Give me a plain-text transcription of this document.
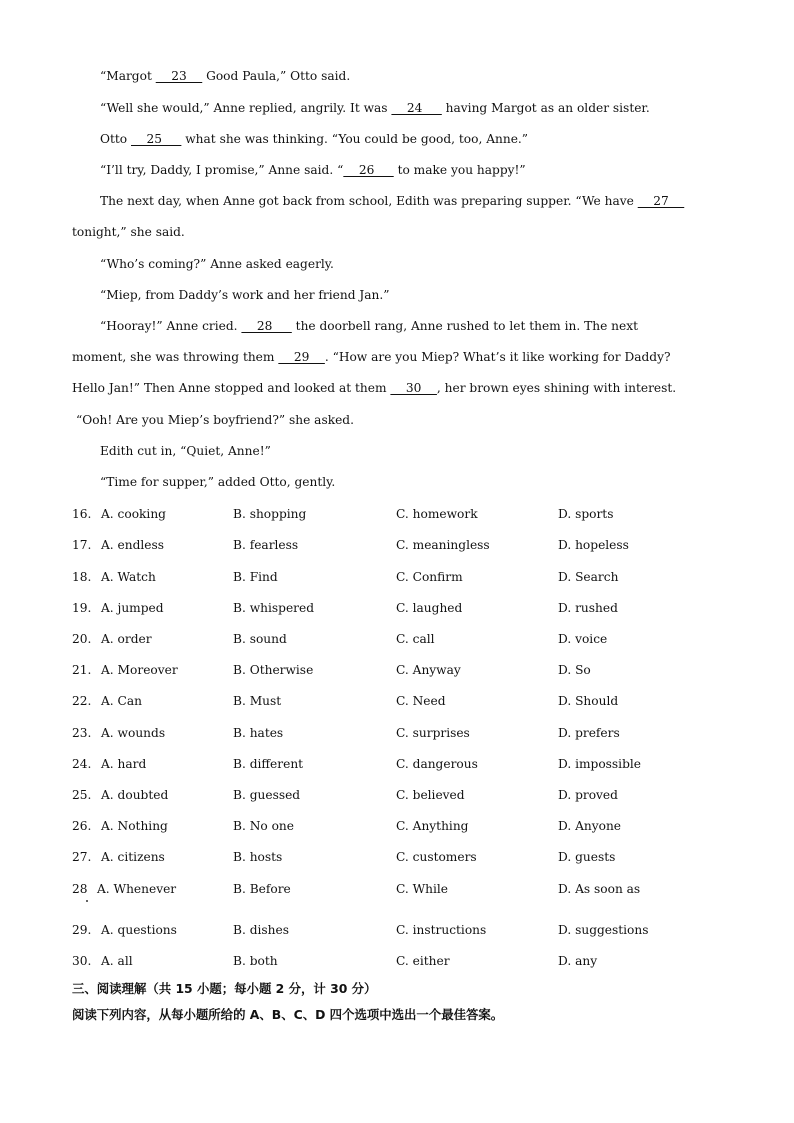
“Margot     23     Good Paula,” Otto said.
“Well she would,” Anne replied, angrily. It was     24      having Margot as an older sister.
Otto     25      what she was thinking. “You could be good, too, Anne.”
“I’ll try, Daddy, I promise,” Anne said. “    26      to make you happy!”
The next day, when Anne got back from school, Edith was preparing supper. “We have     27
tonight,” she said.
“Who’s coming?” Anne asked eagerly.
“Miep, from Daddy’s work and her friend Jan.”
“Hooray!” Anne cried.     28      the doorbell rang, Anne rushed to let them in. The next
moment, she was throwing them     29    . “How are you Miep? What’s it like working for Daddy?
Hello Jan!” Then Anne stopped and looked at them     30    , her brown eyes shining with interest.
“Ooh! Are you Miep’s boyfriend?” she asked.
Edith cut in, “Quiet, Anne!”
“Time for supper,” added Otto, gently.
16. A. cooking	B. shopping	C. homework	D. sports
17. A. endless	B. fearless	C. meaningless	D. hopeless
18. A. Watch	B. Find	C. Confirm	D. Search
19. A. jumped	B. whispered	C. laughed	D. rushed
20. A. order	B. sound	C. call	D. voice
21. A. Moreover	B. Otherwise	C. Anyway	D. So
22. A. Can	B. Must	C. Need	D. Should
23. A. wounds	B. hates	C. surprises	D. prefers
24. A. hard	B. different	C. dangerous	D. impossible
25. A. doubted	B. guessed	C. believed	D. proved
26. A. Nothing	B. No one	C. Anything	D. Anyone
27. A. citizens	B. hosts	C. customers	D. guests
28 A. Whenever	B. Before	C. While	D. As soon as
29. A. questions	B. dishes	C. instructions	D. suggestions
30. A. all	B. both	C. either	D. any
三、阅读理解（共 15 小题；每小题 2 分，计 30 分）
阅读下列内容，从每小题所给的 A、B、C、D 四个选项中选出一个最佳答案。
